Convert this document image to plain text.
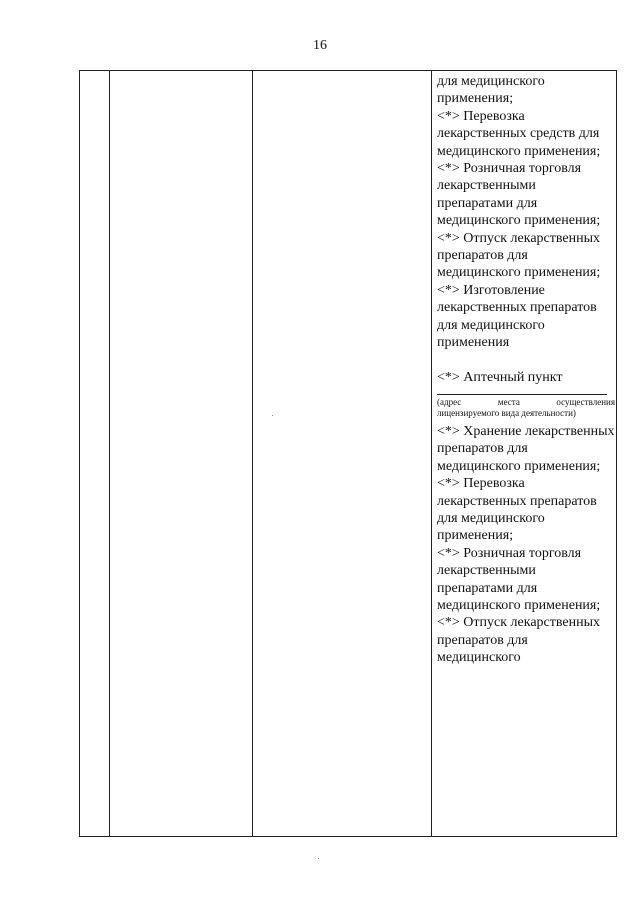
16

для медицинского применения;

<*> Перевозка лекарственных средств для медицинского применения;

<*> Розничная торговля лекарственными препаратами для медицинского применения;

<*> Отпуск лекарственных препаратов для медицинского применения;

<*> Изготовление лекарственных препаратов для медицинского применения

<*> Аптечный пункт

(адрес	места	осуществления
лицензируемого вида деятельности)

<*> Хранение лекарственных препаратов для медицинского применения;

<*> Перевозка лекарственных препаратов для медицинского применения;

<*> Розничная торговля лекарственными препаратами для медицинского применения;

<*> Отпуск лекарственных препаратов для медицинского
